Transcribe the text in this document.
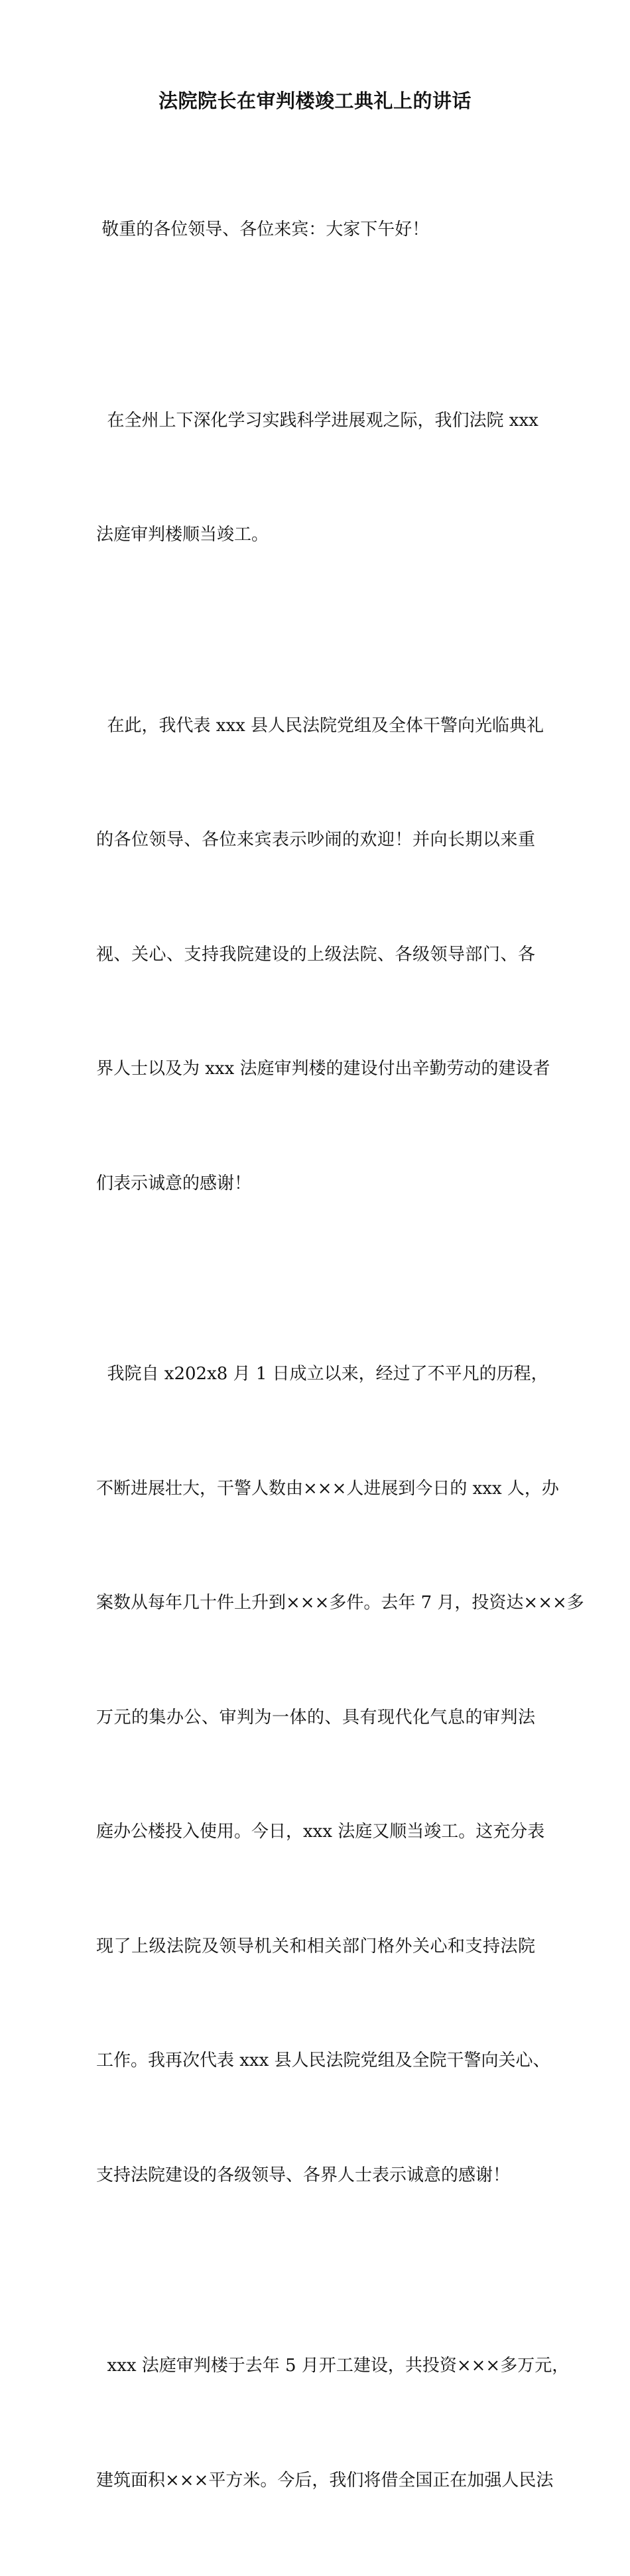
法院院长在审判楼竣工典礼上的讲话

敬重的各位领导、各位来宾：大家下午好！

在全州上下深化学习实践科学进展观之际，我们法院 xxx

法庭审判楼顺当竣工。

在此，我代表 xxx 县人民法院党组及全体干警向光临典礼

的各位领导、各位来宾表示吵闹的欢迎！并向长期以来重

视、关心、支持我院建设的上级法院、各级领导部门、各

界人士以及为 xxx 法庭审判楼的建设付出辛勤劳动的建设者

们表示诚意的感谢！

我院自 x202x8 月 1 日成立以来，经过了不平凡的历程，

不断进展壮大，干警人数由×××人进展到今日的 xxx 人，办

案数从每年几十件上升到×××多件。去年 7 月，投资达×××多

万元的集办公、审判为一体的、具有现代化气息的审判法

庭办公楼投入使用。今日，xxx 法庭又顺当竣工。这充分表

现了上级法院及领导机关和相关部门格外关心和支持法院

工作。我再次代表 xxx 县人民法院党组及全院干警向关心、

支持法院建设的各级领导、各界人士表示诚意的感谢！

xxx 法庭审判楼于去年 5 月开工建设，共投资×××多万元，

建筑面积×××平方米。今后，我们将借全国正在加强人民法
